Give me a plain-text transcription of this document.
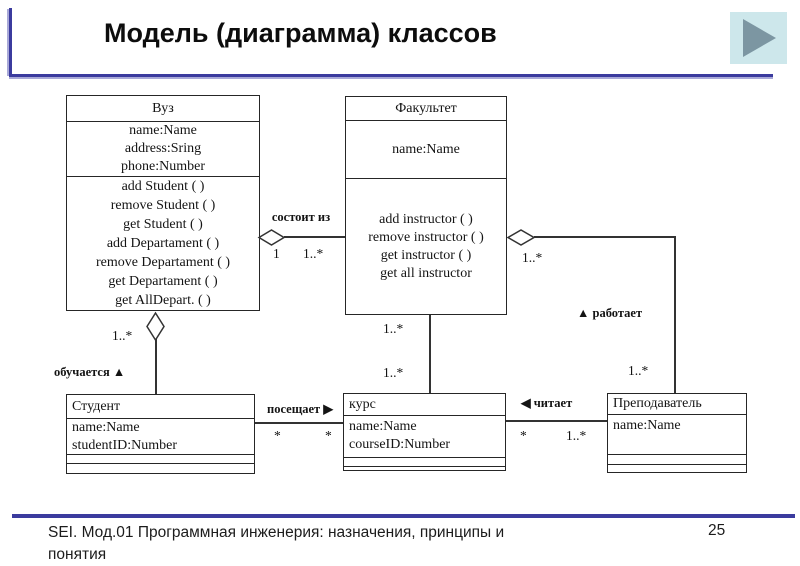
Модель (диаграмма) классов
Вуз
name:Name
address:Sring
phone:Number
add Student ( )
remove Student ( )
get Student ( )
add Departament ( )
remove Departament ( )
get Departament ( )
get AllDepart. ( )
Факультет
name:Name
add instructor ( )
remove instructor ( )
get instructor ( )
get all instructor
Студент
name:Name
studentID:Number
курс
name:Name
courseID:Number
Преподаватель
name:Name
состоит из
1 1..*	1..*
▲ работает
1..*
1..*
1..*
1..*
обучается ▲
посещает ▶
*	*
◀ читает
*	1..*
SEI. Мод.01 Программная инженерия: назначения, принципы и
понятия
25
